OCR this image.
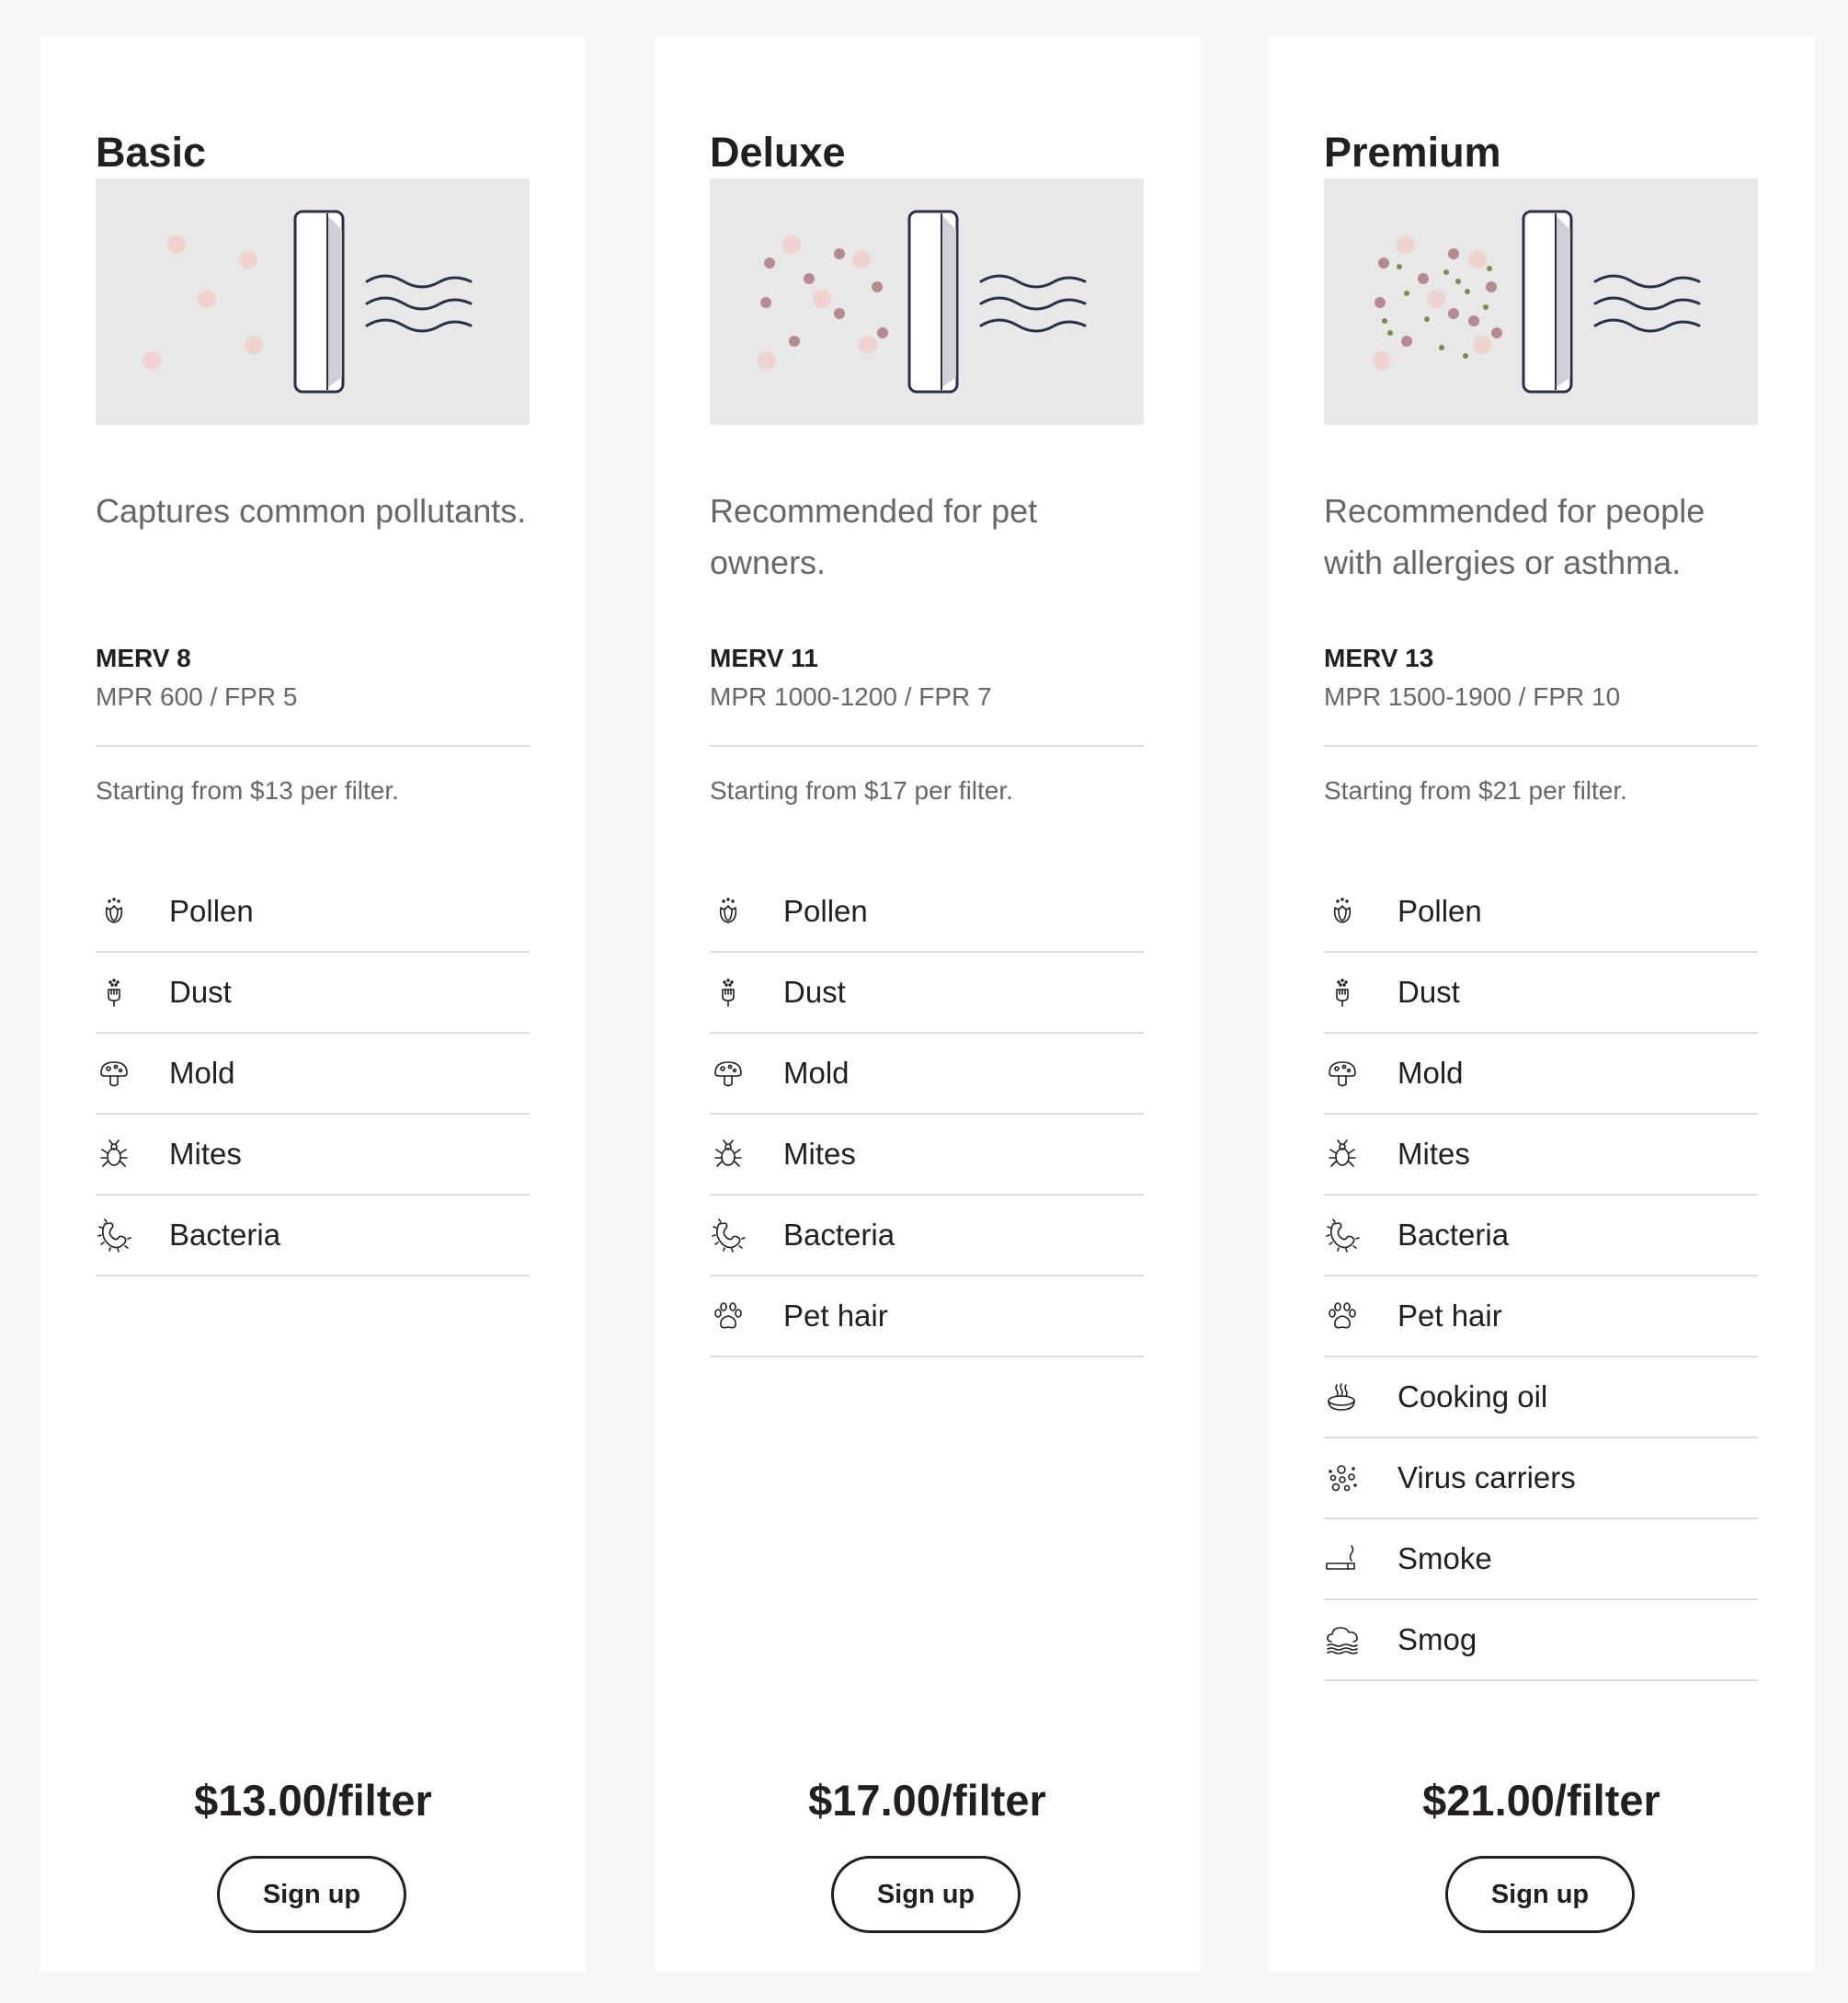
Basic
Captures common pollutants.
MERV 8
MPR 600 / FPR 5
Starting from $13 per filter.
Pollen
Dust
Mold
Mites
Bacteria
$13.00/filter
Sign up
Deluxe
Recommended for pet owners.
MERV 11
MPR 1000-1200 / FPR 7
Starting from $17 per filter.
Pollen
Dust
Mold
Mites
Bacteria
Pet hair
$17.00/filter
Sign up
Premium
Recommended for people with allergies or asthma.
MERV 13
MPR 1500-1900 / FPR 10
Starting from $21 per filter.
Pollen
Dust
Mold
Mites
Bacteria
Pet hair
Cooking oil
Virus carriers
Smoke
Smog
$21.00/filter
Sign up
